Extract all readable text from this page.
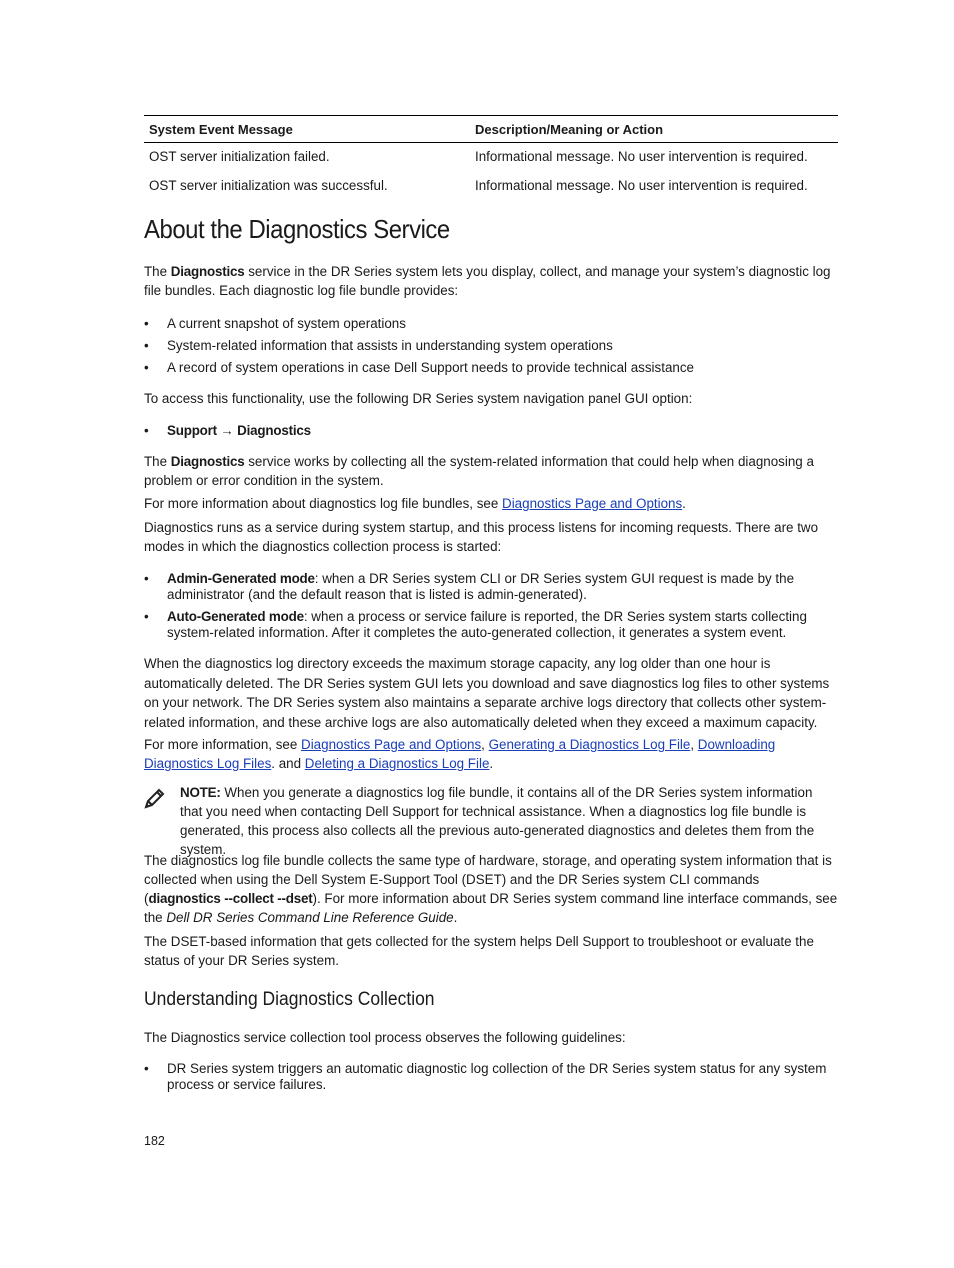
System Event Message	Description/Meaning or Action
OST server initialization failed.	Informational message. No user intervention is required.
OST server initialization was successful.	Informational message. No user intervention is required.
About the Diagnostics Service

The Diagnostics service in the DR Series system lets you display, collect, and manage your system’s diagnostic log file bundles. Each diagnostic log file bundle provides:

• A current snapshot of system operations
• System-related information that assists in understanding system operations
• A record of system operations in case Dell Support needs to provide technical assistance

To access this functionality, use the following DR Series system navigation panel GUI option:

• Support → Diagnostics

The Diagnostics service works by collecting all the system-related information that could help when diagnosing a problem or error condition in the system.

For more information about diagnostics log file bundles, see Diagnostics Page and Options.

Diagnostics runs as a service during system startup, and this process listens for incoming requests. There are two modes in which the diagnostics collection process is started:

• Admin-Generated mode: when a DR Series system CLI or DR Series system GUI request is made by the administrator (and the default reason that is listed is admin-generated).
• Auto-Generated mode: when a process or service failure is reported, the DR Series system starts collecting system-related information. After it completes the auto-generated collection, it generates a system event.

When the diagnostics log directory exceeds the maximum storage capacity, any log older than one hour is automatically deleted. The DR Series system GUI lets you download and save diagnostics log files to other systems on your network. The DR Series system also maintains a separate archive logs directory that collects other system-related information, and these archive logs are also automatically deleted when they exceed a maximum capacity.

For more information, see Diagnostics Page and Options, Generating a Diagnostics Log File, Downloading Diagnostics Log Files. and Deleting a Diagnostics Log File.

NOTE: When you generate a diagnostics log file bundle, it contains all of the DR Series system information that you need when contacting Dell Support for technical assistance. When a diagnostics log file bundle is generated, this process also collects all the previous auto-generated diagnostics and deletes them from the system.

The diagnostics log file bundle collects the same type of hardware, storage, and operating system information that is collected when using the Dell System E-Support Tool (DSET) and the DR Series system CLI commands (diagnostics --collect --dset). For more information about DR Series system command line interface commands, see the Dell DR Series Command Line Reference Guide.

The DSET-based information that gets collected for the system helps Dell Support to troubleshoot or evaluate the status of your DR Series system.

Understanding Diagnostics Collection

The Diagnostics service collection tool process observes the following guidelines:

• DR Series system triggers an automatic diagnostic log collection of the DR Series system status for any system process or service failures.
182
